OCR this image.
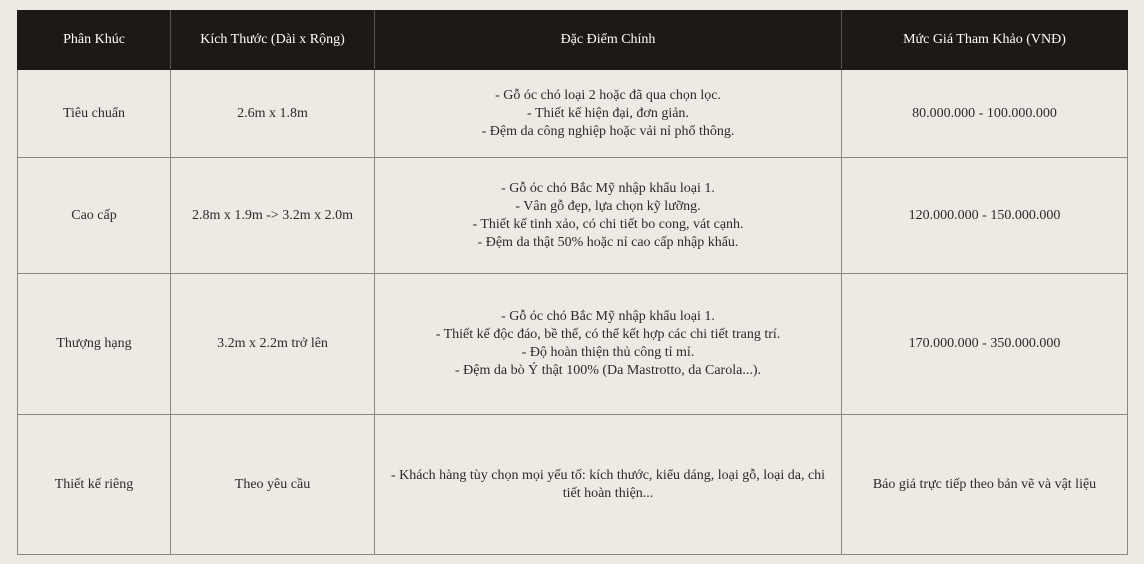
Phân Khúc	Kích Thước (Dài x Rộng)	Đặc Điểm Chính	Mức Giá Tham Khảo (VNĐ)
Tiêu chuẩn	2.6m x 1.8m	- Gỗ óc chó loại 2 hoặc đã qua chọn lọc.
- Thiết kế hiện đại, đơn giản.
- Đệm da công nghiệp hoặc vải nỉ phổ thông.	80.000.000 - 100.000.000
Cao cấp	2.8m x 1.9m -> 3.2m x 2.0m	- Gỗ óc chó Bắc Mỹ nhập khẩu loại 1.
- Vân gỗ đẹp, lựa chọn kỹ lưỡng.
- Thiết kế tinh xảo, có chi tiết bo cong, vát cạnh.
- Đệm da thật 50% hoặc nỉ cao cấp nhập khẩu.	120.000.000 - 150.000.000
Thượng hạng	3.2m x 2.2m trở lên	- Gỗ óc chó Bắc Mỹ nhập khẩu loại 1.
- Thiết kế độc đáo, bề thế, có thể kết hợp các chi tiết trang trí.
- Độ hoàn thiện thủ công tỉ mỉ.
- Đệm da bò Ý thật 100% (Da Mastrotto, da Carola...).	170.000.000 - 350.000.000
Thiết kế riêng	Theo yêu cầu	- Khách hàng tùy chọn mọi yếu tố: kích thước, kiểu dáng, loại gỗ, loại da, chi tiết hoàn thiện...	Báo giá trực tiếp theo bản vẽ và vật liệu
